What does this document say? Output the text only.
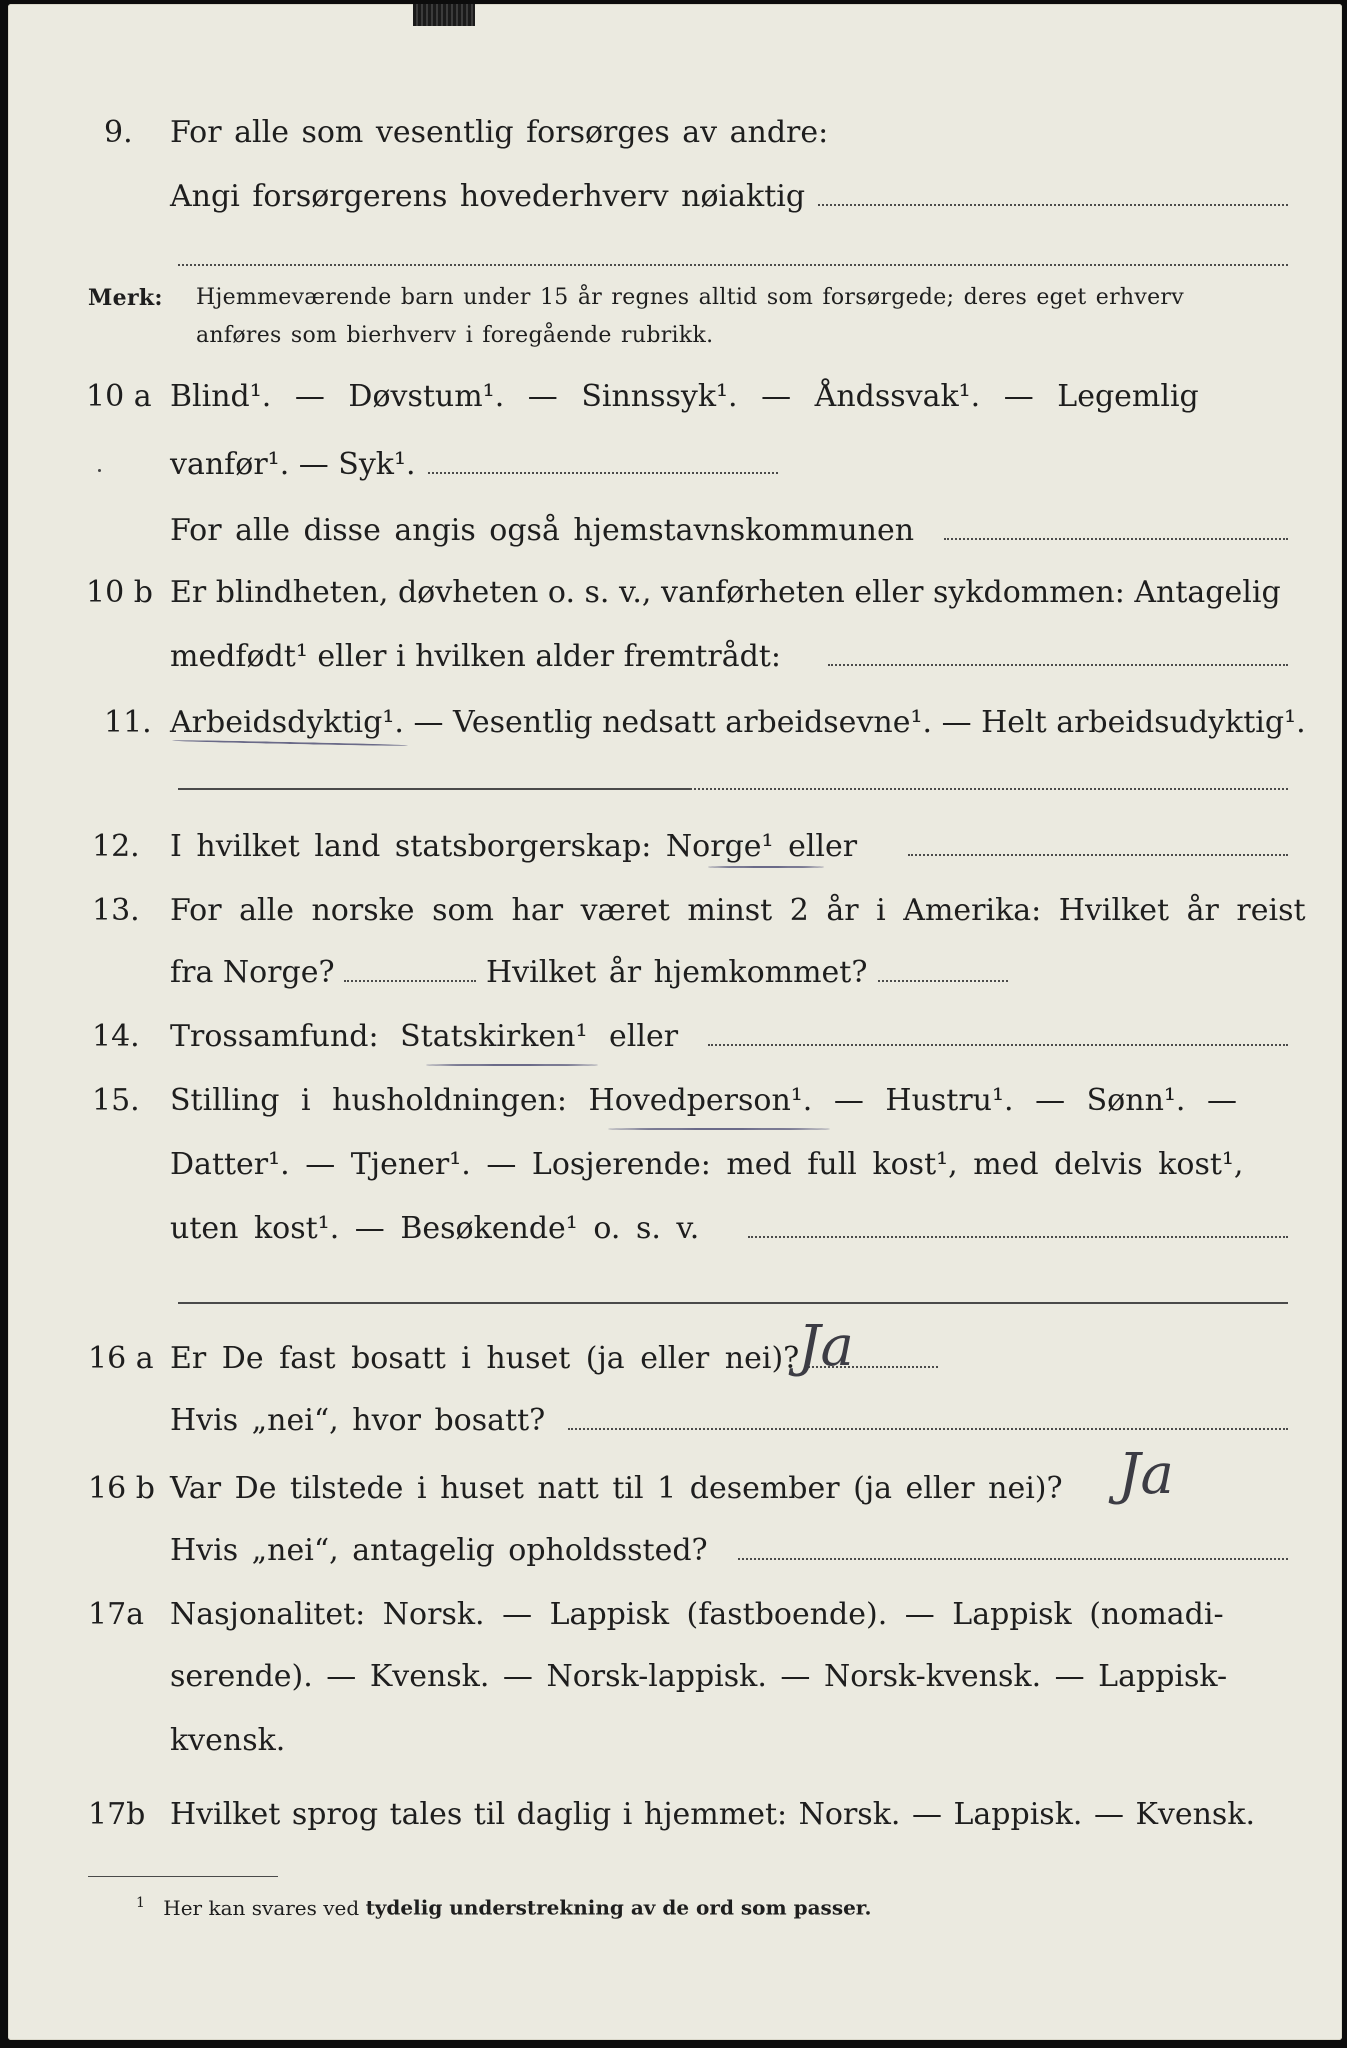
9. For alle som vesentlig forsørges av andre:
Angi forsørgerens hovederhverv nøiaktig
Merk: Hjemmeværende barn under 15 år regnes alltid som forsørgede; deres eget erhverv
anføres som bierhverv i foregående rubrikk.
10 a Blind¹. — Døvstum¹. — Sinnssyk¹. — Åndssvak¹. — Legemlig
vanfør¹. — Syk¹.
For alle disse angis også hjemstavnskommunen
10 b Er blindheten, døvheten o. s. v., vanførheten eller sykdommen: Antagelig
medfødt¹ eller i hvilken alder fremtrådt:
11. Arbeidsdyktig¹. — Vesentlig nedsatt arbeidsevne¹. — Helt arbeidsudyktig¹.
12. I hvilket land statsborgerskap: Norge¹ eller
13. For alle norske som har været minst 2 år i Amerika: Hvilket år reist
fra Norge?	Hvilket år hjemkommet?
14. Trossamfund: Statskirken¹ eller
15. Stilling i husholdningen: Hovedperson¹. — Hustru¹. — Sønn¹. —
Datter¹. — Tjener¹. — Losjerende: med full kost¹, med delvis kost¹,
uten kost¹. — Besøkende¹ o. s. v.
16 a Er De fast bosatt i huset (ja eller nei)?
Ja
Hvis „nei“, hvor bosatt?
16 b Var De tilstede i huset natt til 1 desember (ja eller nei)? Ja
Hvis „nei“, antagelig opholdssted?
17a Nasjonalitet: Norsk. — Lappisk (fastboende). — Lappisk (nomadi-
serende). — Kvensk. — Norsk-lappisk. — Norsk-kvensk. — Lappisk-
kvensk.
17b Hvilket sprog tales til daglig i hjemmet: Norsk. — Lappisk. — Kvensk.
$^1$ Her kan svares ved tydelig understrekning av de ord som passer.
